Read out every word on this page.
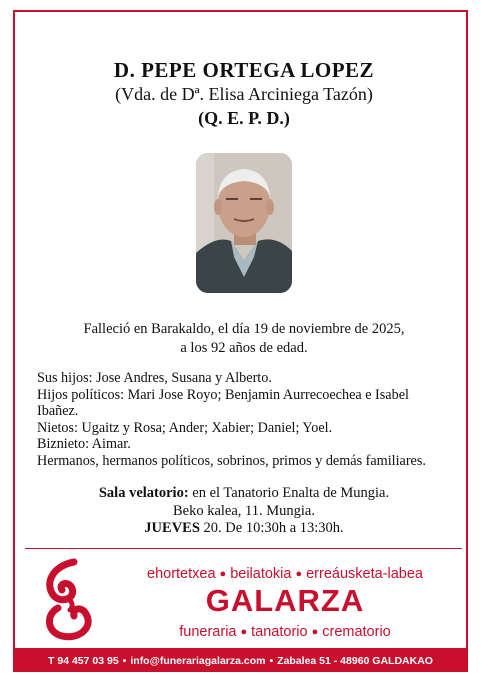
D. PEPE ORTEGA LOPEZ
(Vda. de Dª. Elisa Arciniega Tazón)
(Q. E. P. D.)
Falleció en Barakaldo, el día 19 de noviembre de 2025,
a los 92 años de edad.
Sus hijos: Jose Andres, Susana y Alberto.
Hijos políticos: Mari Jose Royo; Benjamin Aurrecoechea e Isabel Ibañez.
Nietos: Ugaitz y Rosa; Ander; Xabier; Daniel; Yoel.
Biznieto: Aimar.
Hermanos, hermanos políticos, sobrinos, primos y demás familiares.
Sala velatorio: en el Tanatorio Enalta de Mungia.
Beko kalea, 11. Mungia.
JUEVES 20. De 10:30h a 13:30h.
ehortetxea ● beilatokia ● erreáusketa-labea
GALARZA
funeraria ● tanatorio ● crematorio
T 94 457 03 95 • info@funerariagalarza.com • Zabalea 51 - 48960 GALDAKAO
